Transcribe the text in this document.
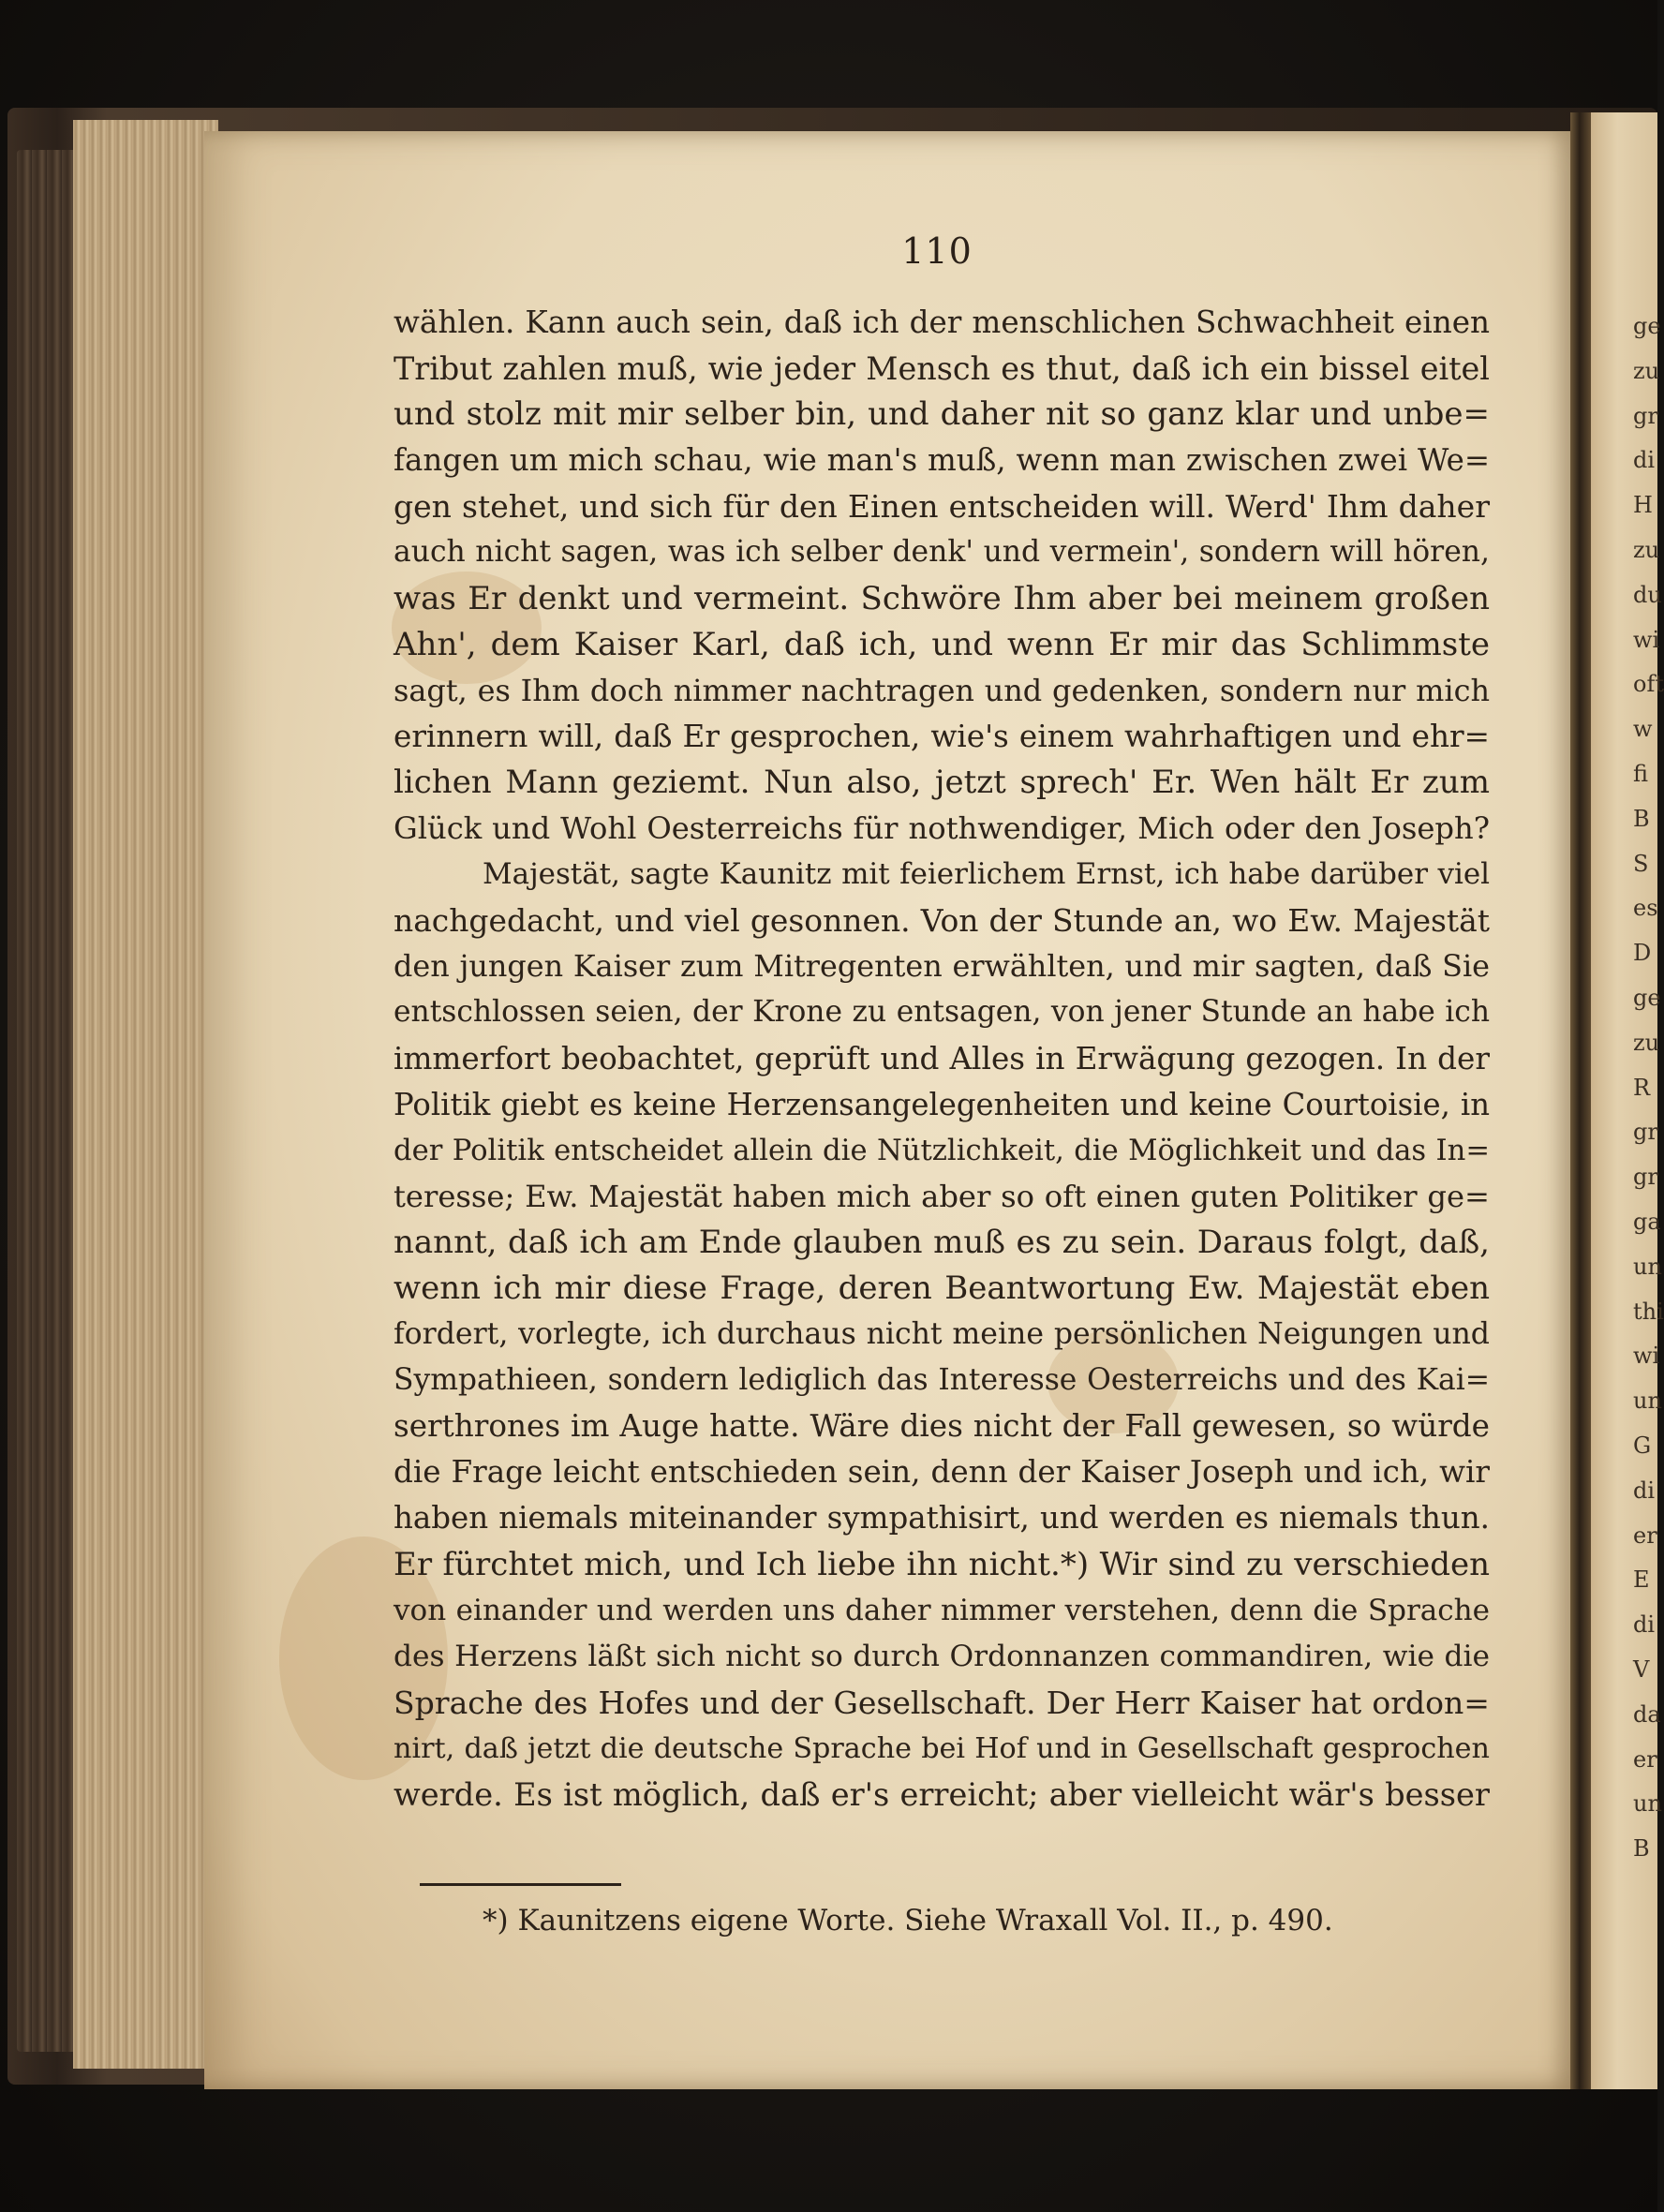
110
wählen. Kann auch sein, daß ich der menschlichen Schwachheit einen
Tribut zahlen muß, wie jeder Mensch es thut, daß ich ein bissel eitel
und stolz mit mir selber bin, und daher nit so ganz klar und unbe=
fangen um mich schau, wie man's muß, wenn man zwischen zwei We=
gen stehet, und sich für den Einen entscheiden will. Werd' Ihm daher
auch nicht sagen, was ich selber denk' und vermein', sondern will hören,
was Er denkt und vermeint. Schwöre Ihm aber bei meinem großen
Ahn', dem Kaiser Karl, daß ich, und wenn Er mir das Schlimmste
sagt, es Ihm doch nimmer nachtragen und gedenken, sondern nur mich
erinnern will, daß Er gesprochen, wie's einem wahrhaftigen und ehr=
lichen Mann geziemt. Nun also, jetzt sprech' Er. Wen hält Er zum
Glück und Wohl Oesterreichs für nothwendiger, Mich oder den Joseph?
Majestät, sagte Kaunitz mit feierlichem Ernst, ich habe darüber viel
nachgedacht, und viel gesonnen. Von der Stunde an, wo Ew. Majestät
den jungen Kaiser zum Mitregenten erwählten, und mir sagten, daß Sie
entschlossen seien, der Krone zu entsagen, von jener Stunde an habe ich
immerfort beobachtet, geprüft und Alles in Erwägung gezogen. In der
Politik giebt es keine Herzensangelegenheiten und keine Courtoisie, in
der Politik entscheidet allein die Nützlichkeit, die Möglichkeit und das In=
teresse; Ew. Majestät haben mich aber so oft einen guten Politiker ge=
nannt, daß ich am Ende glauben muß es zu sein. Daraus folgt, daß,
wenn ich mir diese Frage, deren Beantwortung Ew. Majestät eben
fordert, vorlegte, ich durchaus nicht meine persönlichen Neigungen und
Sympathieen, sondern lediglich das Interesse Oesterreichs und des Kai=
serthrones im Auge hatte. Wäre dies nicht der Fall gewesen, so würde
die Frage leicht entschieden sein, denn der Kaiser Joseph und ich, wir
haben niemals miteinander sympathisirt, und werden es niemals thun.
Er fürchtet mich, und Ich liebe ihn nicht.*) Wir sind zu verschieden
von einander und werden uns daher nimmer verstehen, denn die Sprache
des Herzens läßt sich nicht so durch Ordonnanzen commandiren, wie die
Sprache des Hofes und der Gesellschaft. Der Herr Kaiser hat ordon=
nirt, daß jetzt die deutsche Sprache bei Hof und in Gesellschaft gesprochen
werde. Es ist möglich, daß er's erreicht; aber vielleicht wär's besser
*) Kaunitzens eigene Worte. Siehe Wraxall Vol. II., p. 490.
ge
zu
gr
di
H
zu
du
wi
oft
w
fi
B
S
es
D
ge
zu
R
gr
gr
ga
un
thi
wi
un
G
di
er
E
di
V
da
er
un
B
